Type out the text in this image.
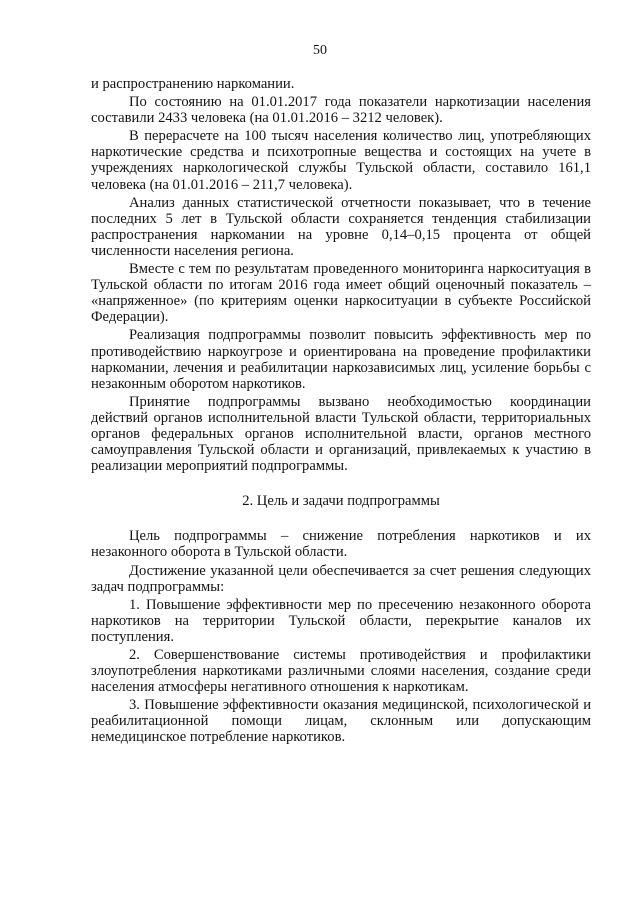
50

и распространению наркомании.

По состоянию на 01.01.2017 года показатели наркотизации населения составили 2433 человека (на 01.01.2016 – 3212 человек).

В перерасчете на 100 тысяч населения количество лиц, употребляющих наркотические средства и психотропные вещества и состоящих на учете в учреждениях наркологической службы Тульской области, составило 161,1 человека (на 01.01.2016 – 211,7 человека).

Анализ данных статистической отчетности показывает, что в течение последних 5 лет в Тульской области сохраняется тенденция стабилизации распространения наркомании на уровне 0,14–0,15 процента от общей численности населения региона.

Вместе с тем по результатам проведенного мониторинга наркоситуация в Тульской области по итогам 2016 года имеет общий оценочный показатель – «напряженное» (по критериям оценки наркоситуации в субъекте Российской Федерации).

Реализация подпрограммы позволит повысить эффективность мер по противодействию наркоугрозе и ориентирована на проведение профилактики наркомании, лечения и реабилитации наркозависимых лиц, усиление борьбы с незаконным оборотом наркотиков.

Принятие подпрограммы вызвано необходимостью координации действий органов исполнительной власти Тульской области, территориальных органов федеральных органов исполнительной власти, органов местного самоуправления Тульской области и организаций, привлекаемых к участию в реализации мероприятий подпрограммы.

2. Цель и задачи подпрограммы

Цель подпрограммы – снижение потребления наркотиков и их незаконного оборота в Тульской области.

Достижение указанной цели обеспечивается за счет решения следующих задач подпрограммы:

1. Повышение эффективности мер по пресечению незаконного оборота наркотиков на территории Тульской области, перекрытие каналов их поступления.

2. Совершенствование системы противодействия и профилактики злоупотребления наркотиками различными слоями населения, создание среди населения атмосферы негативного отношения к наркотикам.

3. Повышение эффективности оказания медицинской, психологической и реабилитационной помощи лицам, склонным или допускающим немедицинское потребление наркотиков.
